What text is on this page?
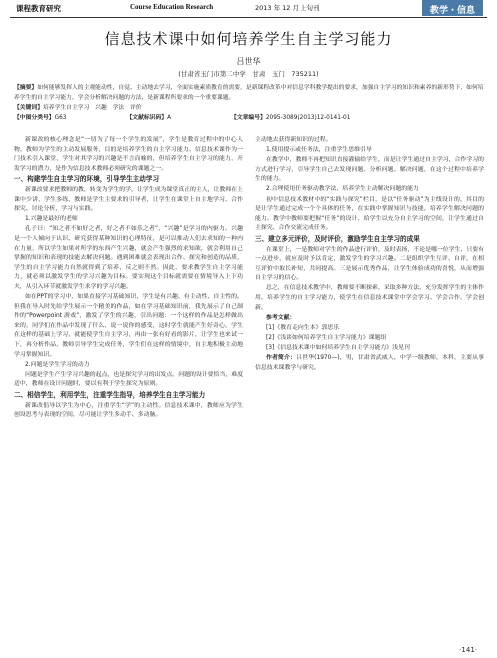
课程教育研究	Course Education Research	2013 年 12 月 上旬刊	教学・信息
信息技术课中如何培养学生自主学习能力
吕世华
(甘肃省玉门市第二中学　甘肃　玉门　735211)

【摘要】如何能够发挥人的主观能动性，自觉、主动地去学习，全面实施素质教育的需要，是新课程改革中对信息学科教学提出的要求，加强自主学习的知识和素养的新形势下，如何培养学生的自主学习能力，学会分析解决问题的方法，是新课程所要求的一个重要课题。

【关键词】培养学生自主学习　兴趣　学法　评价

【中图分类号】G63	【文献标识码】A	【文章编号】2095-3089(2013)12-0141-01

新课改的核心理念是“一切为了每一个学生的发展”，学生是教育过程中的中心人物，教师为学生的主动发展服务，目的是培养学生的自主学习能力。信息技术课作为一门技术引入课堂，学生对其学习的兴趣是不言而喻的，但培养学生自主学习的能力，开发学习的潜力，是作为信息技术教师必须研究的课题之一。

一、构建学生自主学习的环境，引导学生主动学习

新课改要求把教师的教，转变为学生的学，让学生成为课堂真正的主人，让教师在上课中少讲，学生多练，教师是学生主要求的引导者，让学生在课堂上自主地学习、合作探究、讨论分析，学习与实践。

1.兴趣是最好的老师

孔子曰：“知之者不如好之者，好之者不如乐之者”，“兴趣”是学习的内驱力。兴趣是一个人倾向于认识、研究获得某种知识的心理特征，是可以推动人们去求知的一种内在力量，所以学生如果对所学的东西产生兴趣，就会产生强烈的求知欲，就会利用自己掌握的知识和表现的技能去解决问题。遇到困难就会表现出合作、探究和创造的品质，学生的自主学习能力自然就得到了培养，反之则不然。因此，要求教学生自主学习能力，就必须以激发学生的学习兴趣为目标。要实现这个目标就需要在情境导入上下功夫，从引入环节就激发学生求学的学习兴趣。

如在PPT的学习中，如果直接学习基础知识，学生是有兴趣、有主动性、自主性的。但我在导入时先给学生展示一个精美的作品，如在学习基础知识前，我先展示了自己制作的“Powerpoint 游戏”，激发了学生的兴趣，引出问题：一个这样的作品是怎样做出来的，同学们在作品中发现了什么、说一说你的感受，这时学生就能产生好奇心，学生在这样的基础上学习，就能使学生自主学习，再由一张有好看的影片，让学生也来试一下，再分析作品，教师引导学生完成任务，学生们在这样的情境中，自主地积极主动地学习掌握知识。

2.问题是学生学习的动力

问题是学生产生学习兴趣的起点，也是探究学习的出发点。问题的设计要恰当，难度适中，教师在设计问题时，要以有利于学生探究为原则。

二、相信学生，利用学生，注重学生指导，培养学生自主学习能力

新课改倡导以学生为中心，注重学生“学”的主动性。信息技术课中，教师应为学生创设思考与表现的空间，尽可能让学生多动手、多动脑。

主动地去获得新知识的过程。

1.使用提示或任务法，注重学生思维引导

在教学中，教师不再把知识直接灌输给学生，而是让学生通过自主学习，合作学习的方式进行学习，引导学生自己去发现问题、分析问题、解决问题，在这个过程中培养学生的能力。

2.合理使用任务驱动教学法，培养学生主动解决问题的能力

初中信息技术教材中的“实践与探究”栏目，是以“任务驱动”为主线设计的，其目的是让学生通过完成一个个具体的任务，在实践中掌握知识与技能，培养学生解决问题的能力。教学中教师要把握“任务”的设计，给学生以充分自主学习的空间，让学生通过自主探究、合作交流完成任务。

三、建立多元评价，及时评价，激励学生自主学习的成果

在课堂上，一是教师对学生的作品进行评价，及时表扬，不论是哪一位学生，只要有一点进步，就应及时予以肯定，激发学生的学习兴趣。二是组织学生互评、自评，在相互评价中取长补短，共同提高。三是展示优秀作品，让学生体验成功的喜悦，从而增强自主学习的信心。

总之，在信息技术教学中，教师要不断探索，采取多种方法，充分发挥学生的主体作用，培养学生的自主学习能力，使学生在信息技术课堂中学会学习、学会合作、学会创新。

参考文献：

[1]《教育走向生本》郭思乐

[2]《浅谈如何培养学生自主学习能力》课题组

[3]《信息技术课中如何培养学生自主学习能力》浅见刊

作者简介：吕世华(1970—)，男，甘肃省武威人，中学一级教师，本科，主要从事信息技术课教学与研究。

·141·
